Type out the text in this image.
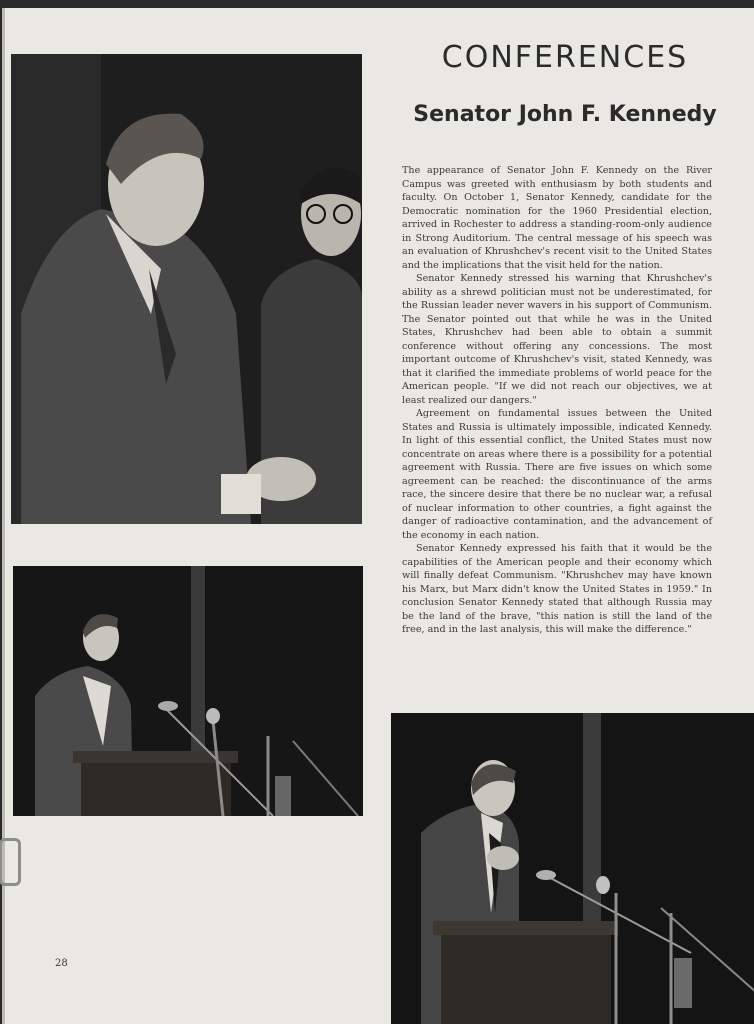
CONFERENCES
Senator John F. Kennedy

The appearance of Senator John F. Kennedy on the River Campus was greeted with enthusiasm by both students and faculty. On October 1, Senator Kennedy, candidate for the Democratic nomination for the 1960 Presidential election, arrived in Rochester to address a standing-room-only audience in Strong Auditorium. The central message of his speech was an evaluation of Khrushchev's recent visit to the United States and the implications that the visit held for the nation.

Senator Kennedy stressed his warning that Khrushchev's ability as a shrewd politician must not be underestimated, for the Russian leader never wavers in his support of Communism. The Senator pointed out that while he was in the United States, Khrushchev had been able to obtain a summit conference without offering any concessions. The most important outcome of Khrushchev's visit, stated Kennedy, was that it clarified the immediate problems of world peace for the American people. "If we did not reach our objectives, we at least realized our dangers."

Agreement on fundamental issues between the United States and Russia is ultimately impossible, indicated Kennedy. In light of this essential conflict, the United States must now concentrate on areas where there is a possibility for a potential agreement with Russia. There are five issues on which some agreement can be reached: the discontinuance of the arms race, the sincere desire that there be no nuclear war, a refusal of nuclear information to other countries, a fight against the danger of radioactive contamination, and the advancement of the economy in each nation.

Senator Kennedy expressed his faith that it would be the capabilities of the American people and their economy which will finally defeat Communism. "Khrushchev may have known his Marx, but Marx didn't know the United States in 1959." In conclusion Senator Kennedy stated that although Russia may be the land of the brave, "this nation is still the land of the free, and in the last analysis, this will make the difference."

28
